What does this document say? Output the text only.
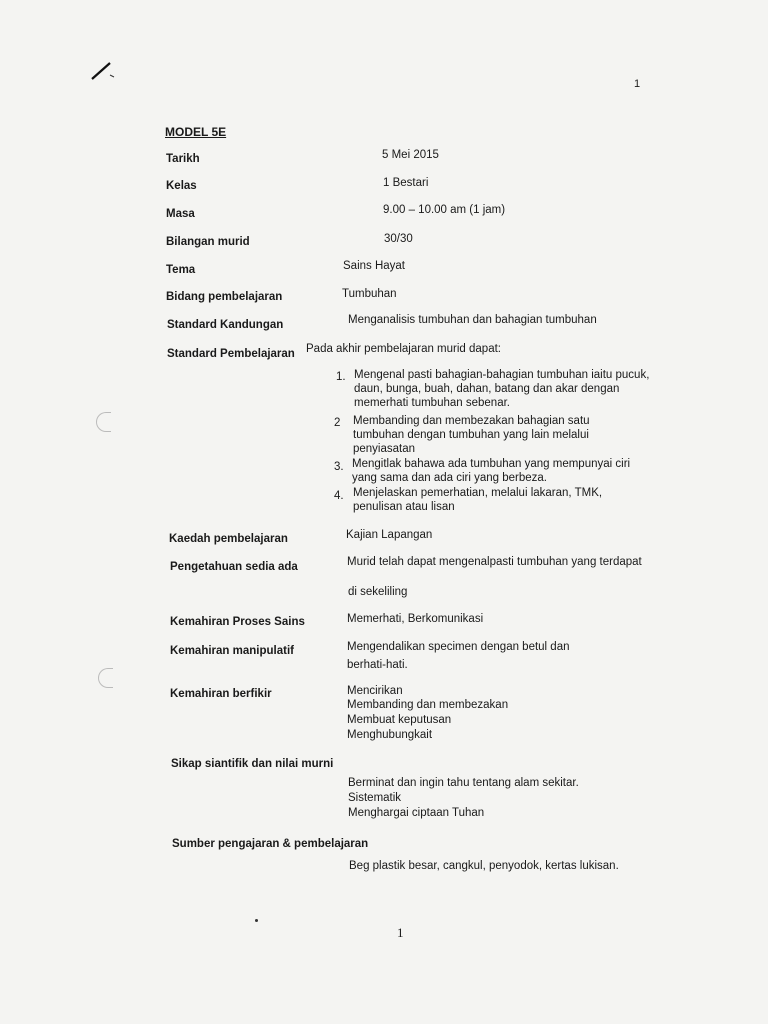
1
MODEL 5E
Tarikh	5 Mei 2015
Kelas	1 Bestari
Masa	9.00 – 10.00 am (1 jam)
Bilangan murid	30/30
Tema	Sains Hayat
Bidang pembelajaran	Tumbuhan
Standard Kandungan	Menganalisis tumbuhan dan bahagian tumbuhan
Standard Pembelajaran Pada akhir pembelajaran murid dapat:
1. Mengenal pasti bahagian-bahagian tumbuhan iaitu pucuk, daun, bunga, buah, dahan, batang dan akar dengan memerhati tumbuhan sebenar.
2 Membanding dan membezakan bahagian satu tumbuhan dengan tumbuhan yang lain melalui penyiasatan
3. Mengitlak bahawa ada tumbuhan yang mempunyai ciri yang sama dan ada ciri yang berbeza.
4. Menjelaskan pemerhatian, melalui lakaran, TMK, penulisan atau lisan
Kaedah pembelajaran	Kajian Lapangan
Pengetahuan sedia ada	Murid telah dapat mengenalpasti tumbuhan yang terdapat
di sekeliling
Kemahiran Proses Sains	Memerhati, Berkomunikasi
Kemahiran manipulatif	Mengendalikan specimen dengan betul dan
berhati-hati.
Kemahiran berfikir	Mencirikan
Membanding dan membezakan
Membuat keputusan
Menghubungkait
Sikap siantifik dan nilai murni
Berminat dan ingin tahu tentang alam sekitar.
Sistematik
Menghargai ciptaan Tuhan
Sumber pengajaran & pembelajaran
Beg plastik besar, cangkul, penyodok, kertas lukisan.
1
